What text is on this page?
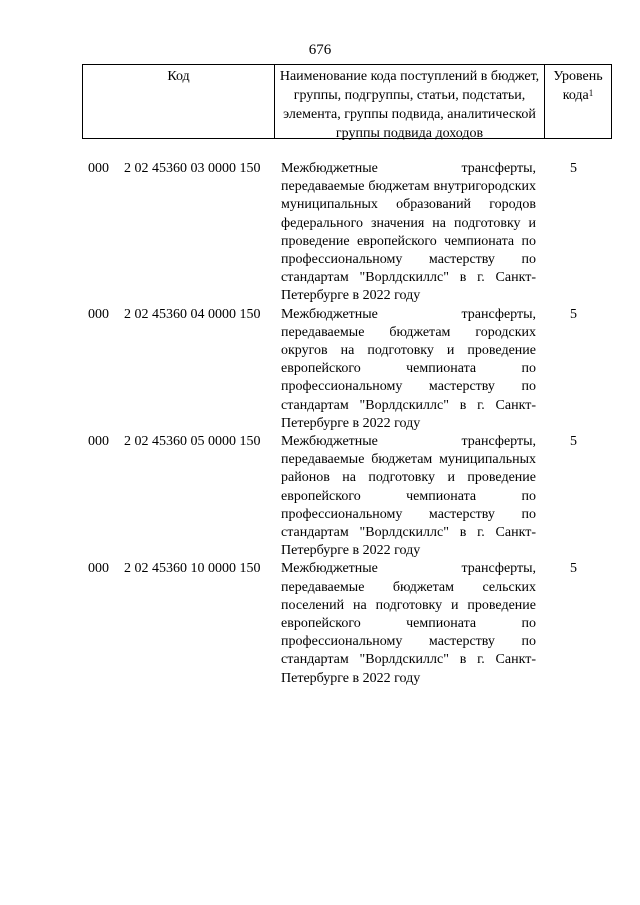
676
Код	Наименование кода поступлений в бюджет, группы, подгруппы, статьи, подстатьи, элемента, группы подвида, аналитической группы подвида доходов
Уровень кода$^1$
000 2 02 45360 03 0000 150 Межбюджетные трансферты, передаваемые бюджетам внутригородских муниципальных образований городов федерального значения на подготовку и проведение европейского чемпионата по профессиональному мастерству по стандартам "Ворлдскиллс" в г. Санкт-Петербурге в 2022 году
5
000 2 02 45360 04 0000 150 Межбюджетные трансферты, передаваемые бюджетам городских округов на подготовку и проведение европейского чемпионата по профессиональному мастерству по стандартам "Ворлдскиллс" в г. Санкт-Петербурге в 2022 году
5
000 2 02 45360 05 0000 150 Межбюджетные трансферты, передаваемые бюджетам муниципальных районов на подготовку и проведение европейского чемпионата по профессиональному мастерству по стандартам "Ворлдскиллс" в г. Санкт-Петербурге в 2022 году
5
000 2 02 45360 10 0000 150 Межбюджетные трансферты, передаваемые бюджетам сельских поселений на подготовку и проведение европейского чемпионата по профессиональному мастерству по стандартам "Ворлдскиллс" в г. Санкт-Петербурге в 2022 году
5
